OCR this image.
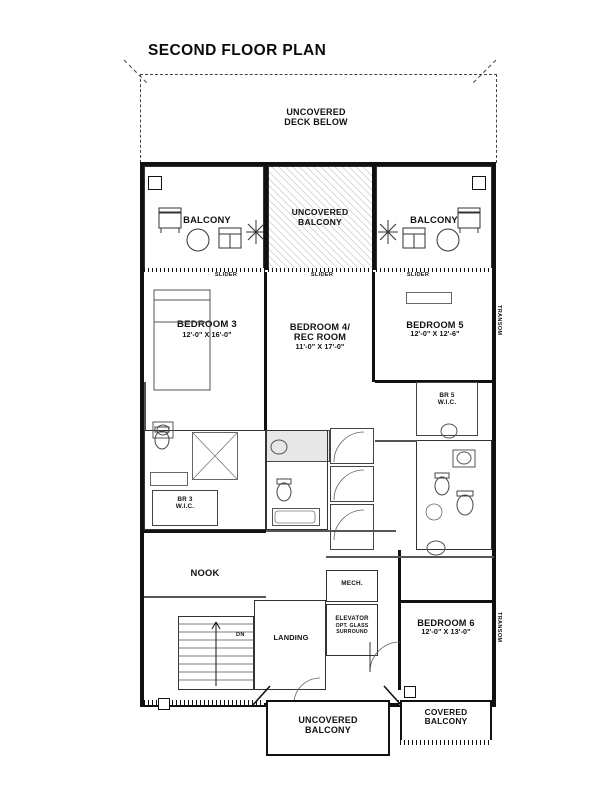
SECOND FLOOR PLAN
UNCOVERED
DECK BELOW
BALCONY
UNCOVERED
BALCONY	BALCONY
SLIDER	SLIDER	SLIDER
BEDROOM 3
12'-0" X 16'-0"
BEDROOM 4/
REC ROOM
11'-0" X 17'-0"
BEDROOM 5
12'-0" X 12'-6"	TRANSOM
TRANSOM
BR 3
W.I.C.
BR 5
W.I.C.
NOOK
DN	LANDING
MECH.
ELEVATOR
OPT. GLASS
SURROUND
BEDROOM 6
12'-0" X 13'-0"
UNCOVERED
BALCONY
COVERED
BALCONY
